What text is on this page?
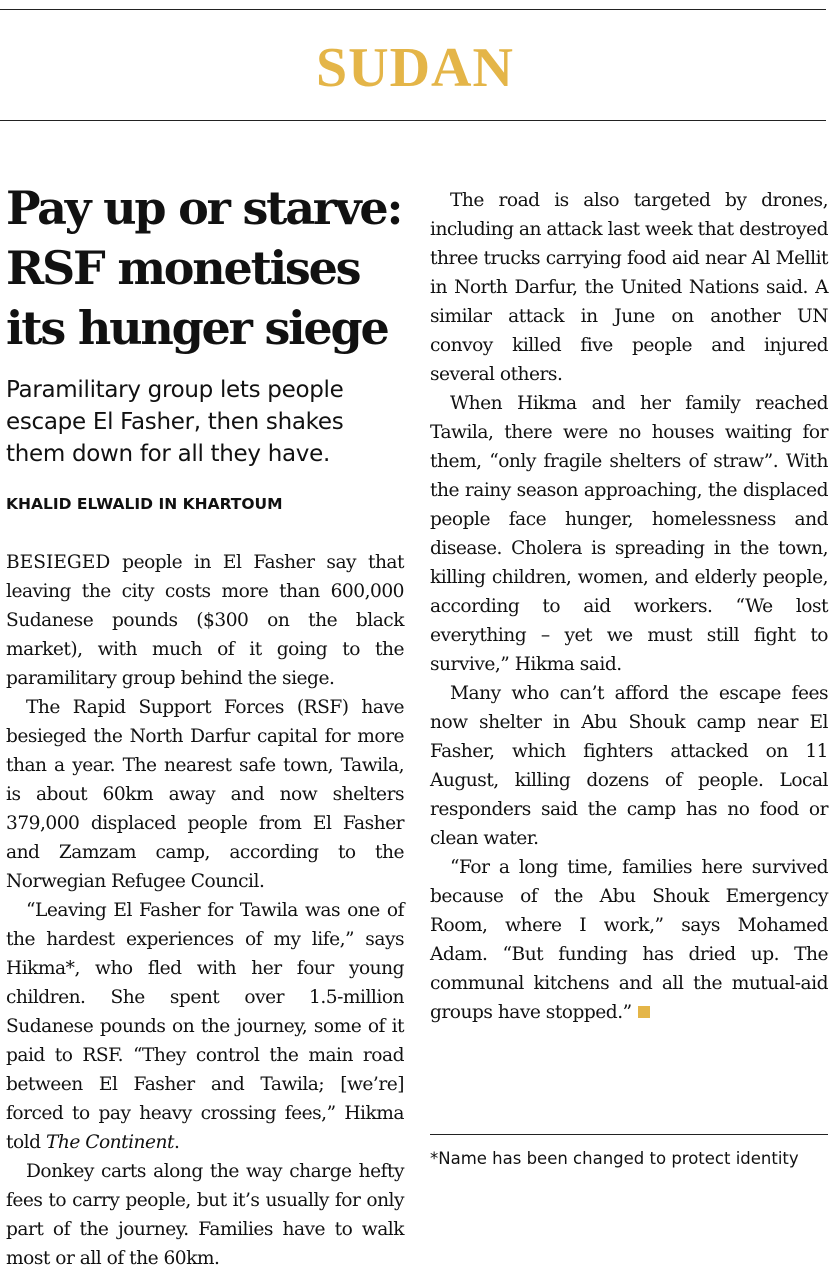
SUDAN
Pay up or starve: RSF monetises its hunger siege

Paramilitary group lets people escape El Fasher, then shakes them down for all they have.

KHALID ELWALID IN KHARTOUM

BESIEGED people in El Fasher say that leaving the city costs more than 600,000 Sudanese pounds ($300 on the black market), with much of it going to the paramilitary group behind the siege.

The Rapid Support Forces (RSF) have besieged the North Darfur capital for more than a year. The nearest safe town, Tawila, is about 60km away and now shelters 379,000 displaced people from El Fasher and Zamzam camp, according to the Norwegian Refugee Council.

“Leaving El Fasher for Tawila was one of the hardest experiences of my life,” says Hikma*, who fled with her four young children. She spent over 1.5-million Sudanese pounds on the journey, some of it paid to RSF. “They control the main road between El Fasher and Tawila; [we’re] forced to pay heavy crossing fees,” Hikma told The Continent.

Donkey carts along the way charge hefty fees to carry people, but it’s usually for only part of the journey. Families have to walk most or all of the 60km.

The road is also targeted by drones, including an attack last week that destroyed three trucks carrying food aid near Al Mellit in North Darfur, the United Nations said. A similar attack in June on another UN convoy killed five people and injured several others.

When Hikma and her family reached Tawila, there were no houses waiting for them, “only fragile shelters of straw”. With the rainy season approaching, the displaced people face hunger, homelessness and disease. Cholera is spreading in the town, killing children, women, and elderly people, according to aid workers. “We lost everything – yet we must still fight to survive,” Hikma said.

Many who can’t afford the escape fees now shelter in Abu Shouk camp near El Fasher, which fighters attacked on 11 August, killing dozens of people. Local responders said the camp has no food or clean water.

“For a long time, families here survived because of the Abu Shouk Emergency Room, where I work,” says Mohamed Adam. “But funding has dried up. The communal kitchens and all the mutual-aid groups have stopped.”

*Name has been changed to protect identity
